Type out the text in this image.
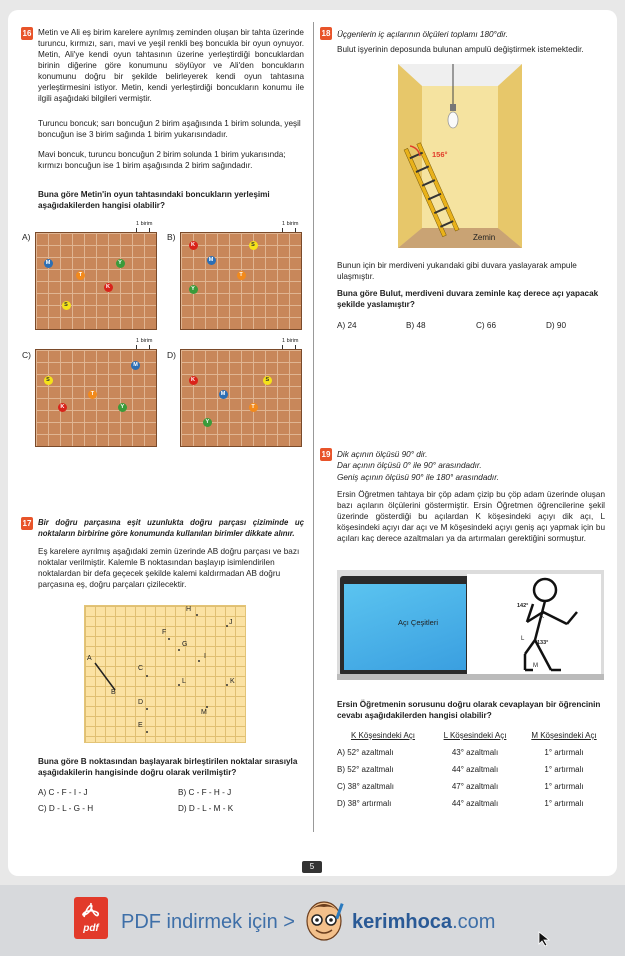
16 Metin ve Ali eş birim karelere ayrılmış zeminden oluşan bir tahta üzerinde turuncu, kırmızı, sarı, mavi ve yeşil renkli beş boncukla bir oyun oynuyor. Metin, Ali'ye kendi oyun tahtasının üzerine yerleştirdiği boncuklardan birinin diğerine göre konumunu söylüyor ve Ali'den boncukların konumunu doğru bir şekilde belirleyerek kendi oyun tahtasına yerleştirmesini istiyor. Metin, kendi yerleştirdiği boncukların konumu ile ilgili aşağıdaki bilgileri vermiştir.
Turuncu boncuk; sarı boncuğun 2 birim aşağısında 1 birim solunda, yeşil boncuğun ise 3 birim sağında 1 birim yukarısındadır.
Mavi boncuk, turuncu boncuğun 2 birim solunda 1 birim yukarısında; kırmızı boncuğun ise 1 birim aşağısında 2 birim sağındadır.
Buna göre Metin'in oyun tahtasındaki boncukların yerleşimi aşağıdakilerden hangisi olabilir?
A)
1 birim
M	Y
T
K
S
B)
1 birim
K	S
M
T
Y
C)
1 birim
M
S
T
K	Y
D)
1 birim
K	S
M
T
Y
17 Bir doğru parçasına eşit uzunlukta doğru parçası çiziminde uç noktaların birbirine göre konumunda kullanılan birimler dikkate alınır.
Eş karelere ayrılmış aşağıdaki zemin üzerinde AB doğru parçası ve bazı noktalar verilmiştir. Kalemle B noktasından başlayıp isimlendirilen noktalardan bir defa geçecek şekilde kalemi kaldırmadan AB doğru parçasına eş, doğru parçaları çizilecektir.
A
B
C
D
E
F
G
H
I
J
K
L
M
Buna göre B noktasından başlayarak birleştirilen noktalar sırasıyla aşağıdakilerin hangisinde doğru olarak verilmiştir?
A) C - F - I - J	B) C - F - H - J
C) D - L - G - H	D) D - L - M - K
18 Üçgenlerin iç açılarının ölçüleri toplamı 180°dir.
Bulut işyerinin deposunda bulunan ampulü değiştirmek istemektedir.
156°
Zemin
Bunun için bir merdiveni yukarıdaki gibi duvara yaslayarak ampule ulaşmıştır.
Buna göre Bulut, merdiveni duvara zeminle kaç derece açı yapacak şekilde yaslamıştır?
A) 24	B) 48	C) 66	D) 90
19 Dik açının ölçüsü 90° dir.
Dar açının ölçüsü 0° ile 90° arasındadır.
Geniş açının ölçüsü 90° ile 180° arasındadır.
Ersin Öğretmen tahtaya bir çöp adam çizip bu çöp adam üzerinde oluşan bazı açıların ölçülerini göstermiştir. Ersin Öğretmen öğrencilerine şekil üzerinde gösterdiği bu açılardan K köşesindeki açıyı dik açı, L köşesindeki açıyı dar açı ve M köşesindeki açıyı geniş açı yapmak için bu açıları kaç derece azaltmaları ya da artırmaları gerektiğini sormuştur.
Açı Çeşitleri
142°
K
L
133°
M
Ersin Öğretmenin sorusunu doğru olarak cevaplayan bir öğrencinin cevabı aşağıdakilerden hangisi olabilir?
K Köşesindeki Açı	L Köşesindeki Açı	M Köşesindeki Açı
A) 52° azaltmalı	43° azaltmalı	1° artırmalı
B) 52° azaltmalı	44° azaltmalı	1° artırmalı
C) 38° azaltmalı	47° azaltmalı	1° artırmalı
D) 38° artırmalı	44° azaltmalı	1° artırmalı
5
pdf	PDF indirmek için >	kerimhoca.com
